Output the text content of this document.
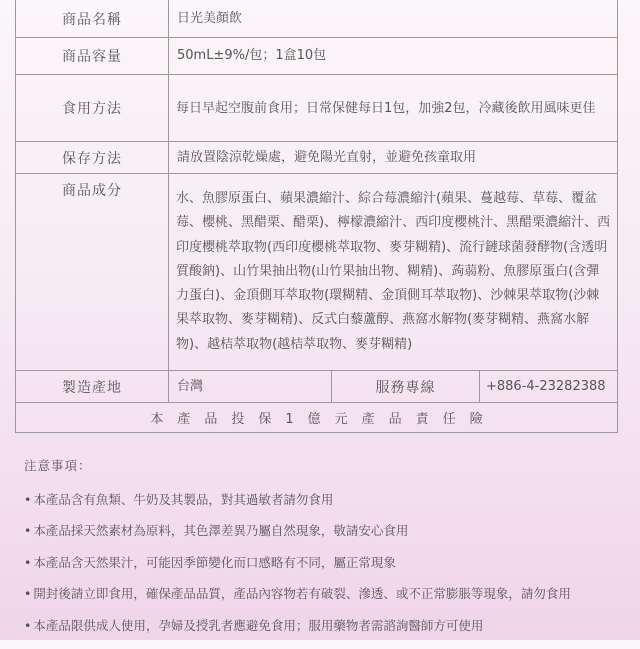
商品名稱	日光美顏飲		
商品容量	50mL±9%/包；1盒10包		
食用方法	每日早起空腹前食用；日常保健每日1包，加強2包，冷藏後飲用風味更佳		
保存方法	請放置陰涼乾燥處，避免陽光直射，並避免孩童取用		
商品成分	水、魚膠原蛋白、蘋果濃縮汁、綜合莓濃縮汁(蘋果、蔓越莓、草莓、覆盆莓、櫻桃、黑醋栗、醋栗)、檸檬濃縮汁、西印度櫻桃汁、黑醋栗濃縮汁、西印度櫻桃萃取物(西印度櫻桃萃取物、麥芽糊精)、流行鏈球菌發酵物(含透明質酸鈉)、山竹果抽出物(山竹果抽出物、糊精)、蒟蒻粉、魚膠原蛋白(含彈力蛋白)、金頂側耳萃取物(環糊精、金頂側耳萃取物)、沙棘果萃取物(沙棘果萃取物、麥芽糊精)、反式白藜蘆醇、燕窩水解物(麥芽糊精、燕窩水解物)、越桔萃取物(越桔萃取物、麥芽糊精)		
製造產地	台灣	服務專線	+886-4-23282388
本產品投保1億元產品責任險			
注意事項：
• 本產品含有魚類、牛奶及其製品，對其過敏者請勿食用
• 本產品採天然素材為原料，其色澤差異乃屬自然現象，敬請安心食用
• 本產品含天然果汁，可能因季節變化而口感略有不同，屬正常現象
• 開封後請立即食用，確保產品品質，產品內容物若有破裂、滲透、或不正常膨脹等現象，請勿食用
• 本產品限供成人使用，孕婦及授乳者應避免食用；服用藥物者需諮詢醫師方可使用
